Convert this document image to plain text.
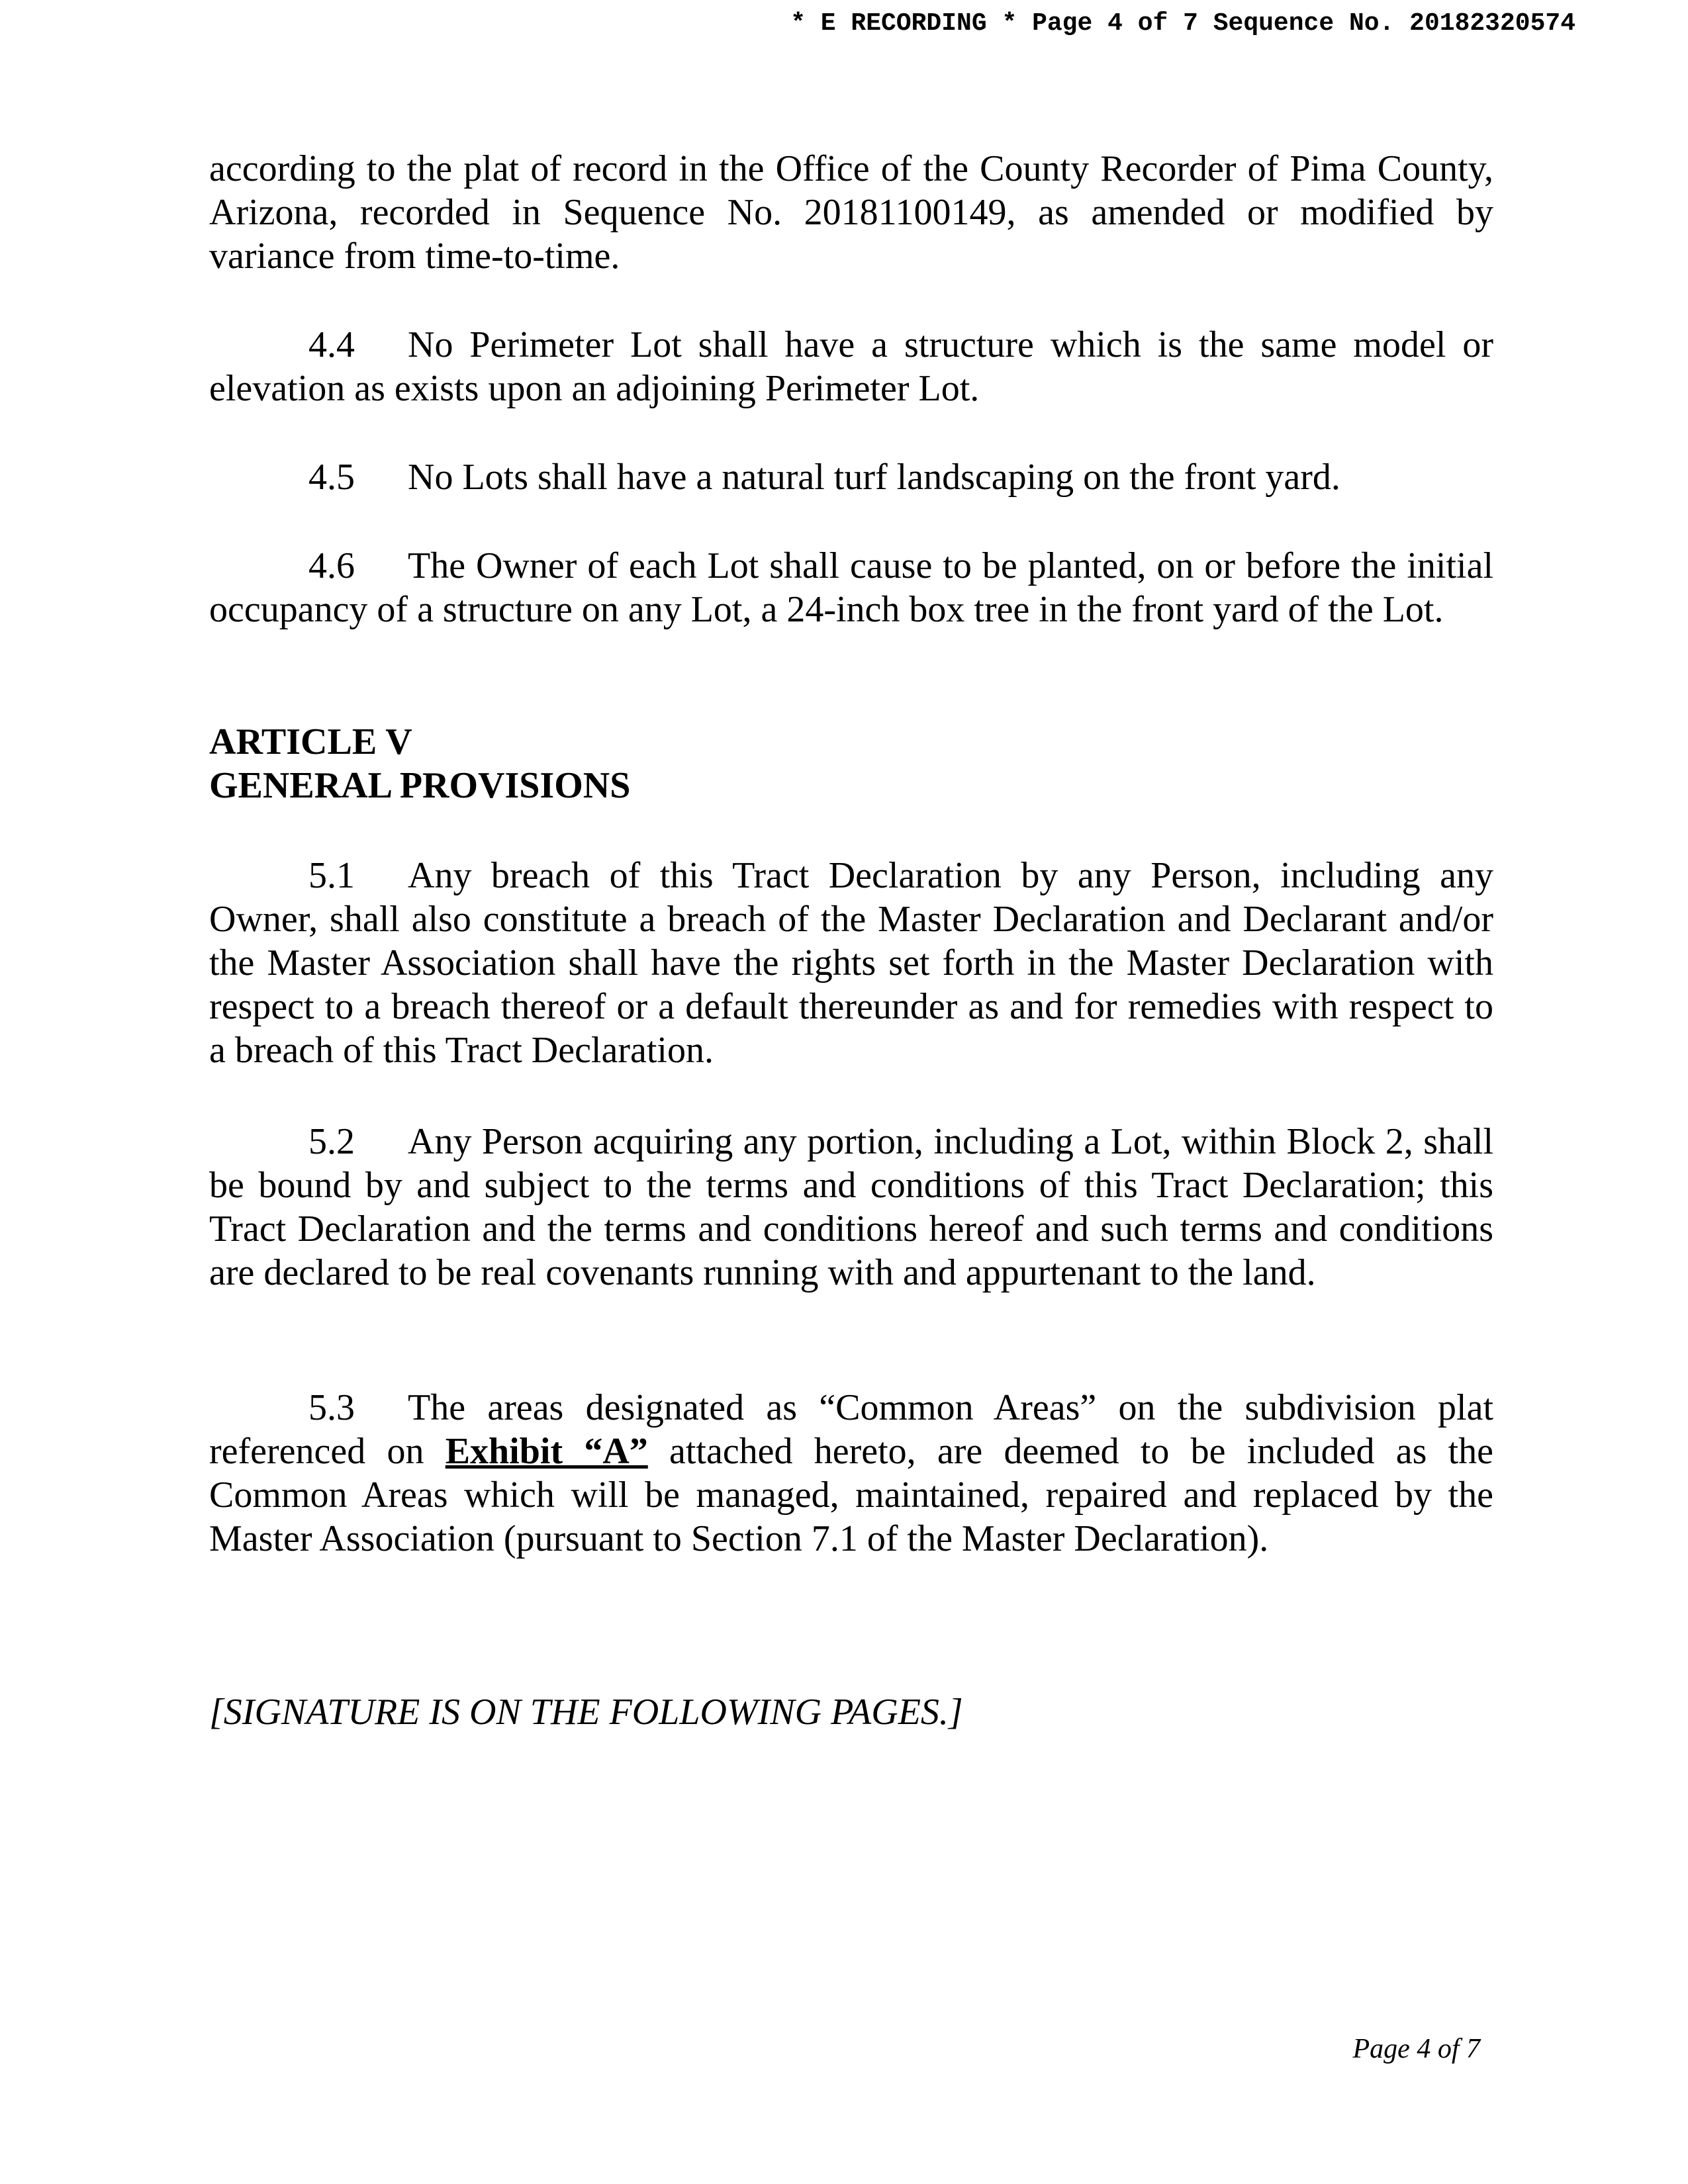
* E RECORDING * Page 4 of 7 Sequence No. 20182320574

according to the plat of record in the Office of the County Recorder of Pima County, Arizona, recorded in Sequence No. 20181100149, as amended or modified by variance from time-to-time.

4.4 No Perimeter Lot shall have a structure which is the same model or elevation as exists upon an adjoining Perimeter Lot.

4.5 No Lots shall have a natural turf landscaping on the front yard.

4.6 The Owner of each Lot shall cause to be planted, on or before the initial occupancy of a structure on any Lot, a 24-inch box tree in the front yard of the Lot.

ARTICLE V
GENERAL PROVISIONS

5.1 Any breach of this Tract Declaration by any Person, including any Owner, shall also constitute a breach of the Master Declaration and Declarant and/or the Master Association shall have the rights set forth in the Master Declaration with respect to a breach thereof or a default thereunder as and for remedies with respect to a breach of this Tract Declaration.

5.2 Any Person acquiring any portion, including a Lot, within Block 2, shall be bound by and subject to the terms and conditions of this Tract Declaration; this Tract Declaration and the terms and conditions hereof and such terms and conditions are declared to be real covenants running with and appurtenant to the land.

5.3 The areas designated as “Common Areas” on the subdivision plat referenced on Exhibit “A” attached hereto, are deemed to be included as the Common Areas which will be managed, maintained, repaired and replaced by the Master Association (pursuant to Section 7.1 of the Master Declaration).

[SIGNATURE IS ON THE FOLLOWING PAGES.]
Page 4 of 7
